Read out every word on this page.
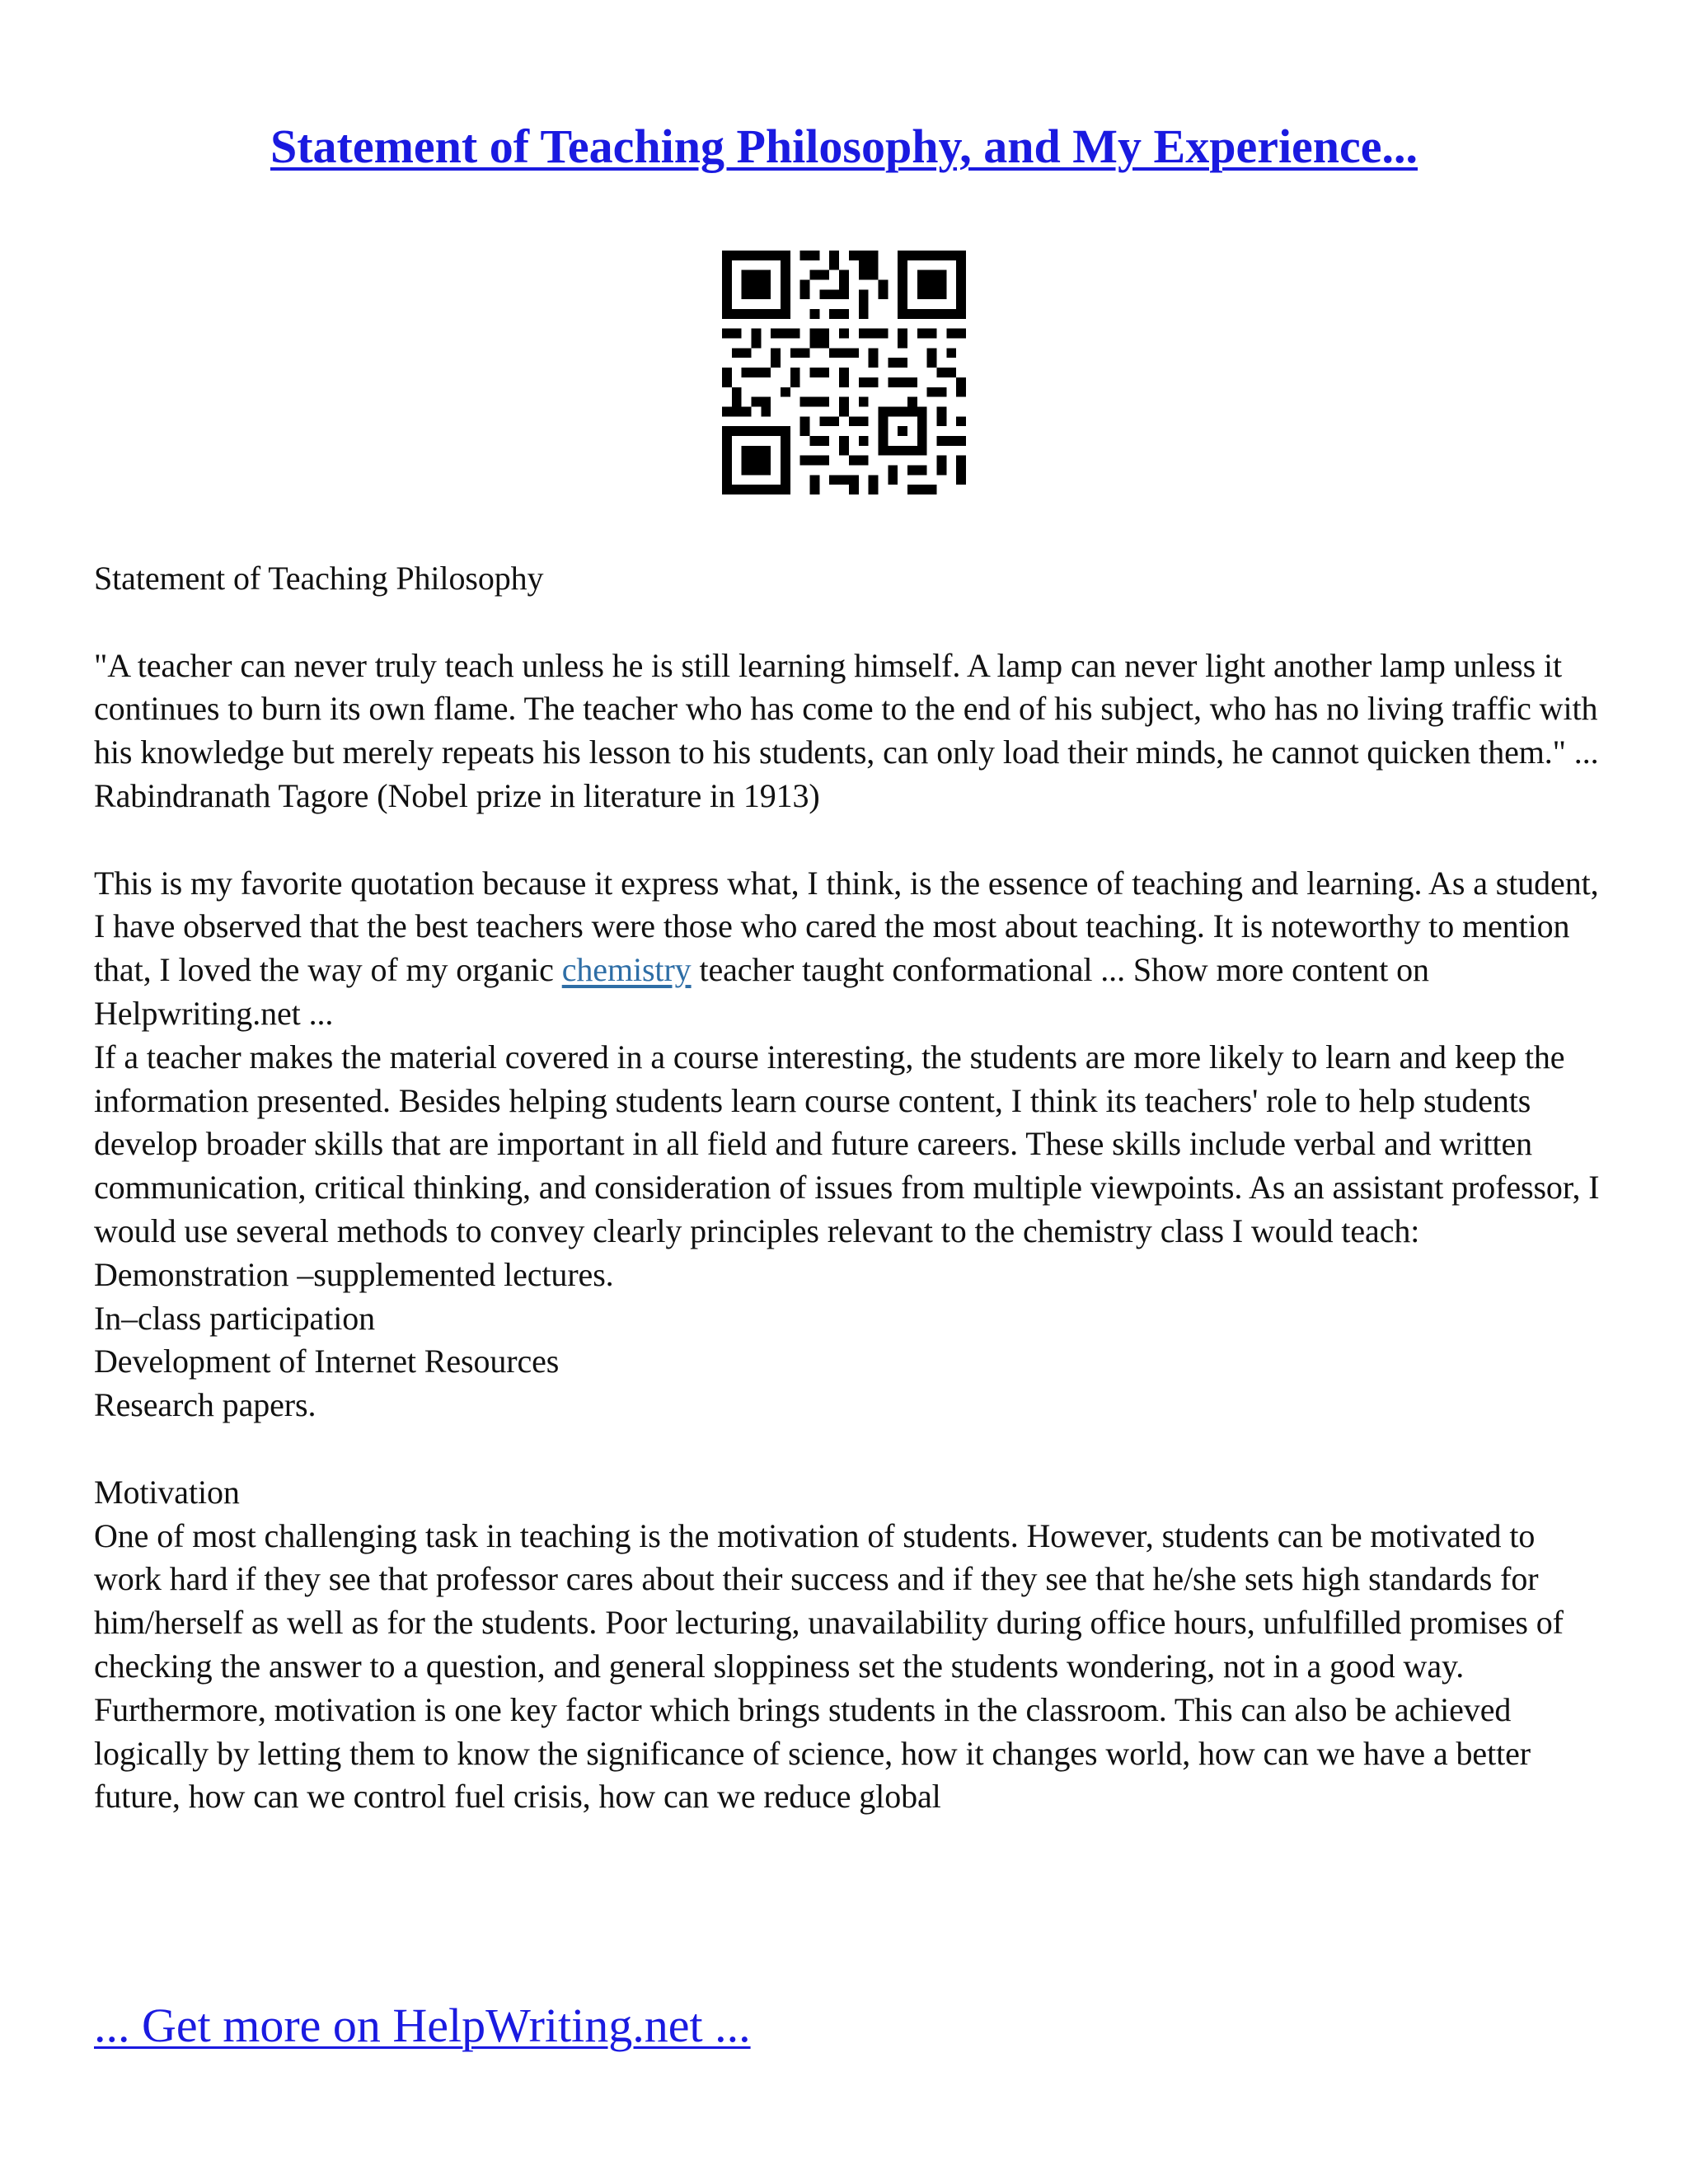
Statement of Teaching Philosophy, and My Experience...

Statement of Teaching Philosophy

"A teacher can never truly teach unless he is still learning himself. A lamp can never light another lamp unless it continues to burn its own flame. The teacher who has come to the end of his subject, who has no living traffic with his knowledge but merely repeats his lesson to his students, can only load their minds, he cannot quicken them." ... Rabindranath Tagore (Nobel prize in literature in 1913)

This is my favorite quotation because it express what, I think, is the essence of teaching and learning. As a student, I have observed that the best teachers were those who cared the most about teaching. It is noteworthy to mention that, I loved the way of my organic chemistry teacher taught conformational ... Show more content on Helpwriting.net ...

If a teacher makes the material covered in a course interesting, the students are more likely to learn and keep the information presented. Besides helping students learn course content, I think its teachers' role to help students develop broader skills that are important in all field and future careers. These skills include verbal and written communication, critical thinking, and consideration of issues from multiple viewpoints. As an assistant professor, I would use several methods to convey clearly principles relevant to the chemistry class I would teach:

Demonstration –supplemented lectures.

In–class participation

Development of Internet Resources

Research papers.

Motivation

One of most challenging task in teaching is the motivation of students. However, students can be motivated to work hard if they see that professor cares about their success and if they see that he/she sets high standards for him/herself as well as for the students. Poor lecturing, unavailability during office hours, unfulfilled promises of checking the answer to a question, and general sloppiness set the students wondering, not in a good way. Furthermore, motivation is one key factor which brings students in the classroom. This can also be achieved logically by letting them to know the significance of science, how it changes world, how can we have a better future, how can we control fuel crisis, how can we reduce global

... Get more on HelpWriting.net ...
